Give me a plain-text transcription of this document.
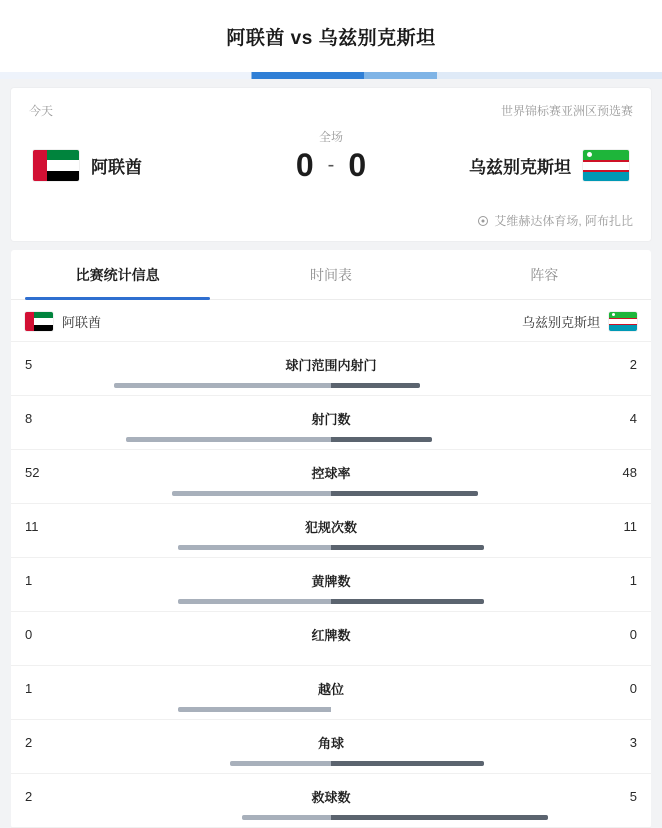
阿联酋 vs 乌兹别克斯坦
今天	世界锦标赛亚洲区预选赛
全场
阿联酋	0 - 0	乌兹别克斯坦
艾维赫达体育场, 阿布扎比
比赛统计信息	时间表	阵容
阿联酋	乌兹别克斯坦
5	球门范围内射门	2
8	射门数	4
52	控球率	48
11	犯规次数	11
1	黄牌数	1
0	红牌数	0
1	越位	0
2	角球	3
2	救球数	5
